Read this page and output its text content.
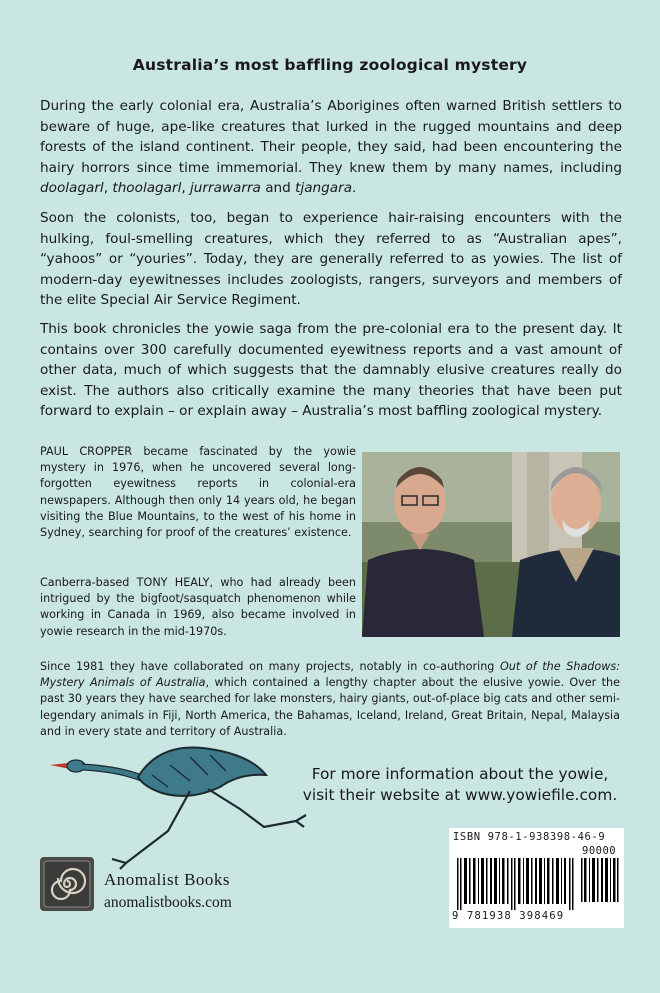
Australia’s most baffling zoological mystery

During the early colonial era, Australia’s Aborigines often warned British settlers to beware of huge, ape-like creatures that lurked in the rugged mountains and deep forests of the island continent. Their people, they said, had been encountering the hairy horrors since time immemorial. They knew them by many names, including doolagarl, thoolagarl, jurrawarra and tjangara.

Soon the colonists, too, began to experience hair-raising encounters with the hulking, foul-smelling creatures, which they referred to as “Australian apes”, “yahoos” or “youries”. Today, they are generally referred to as yowies. The list of modern-day eyewitnesses includes zoologists, rangers, surveyors and members of the elite Special Air Service Regiment.

This book chronicles the yowie saga from the pre-colonial era to the present day. It contains over 300 carefully documented eyewitness reports and a vast amount of other data, much of which suggests that the damnably elusive creatures really do exist. The authors also critically examine the many theories that have been put forward to explain – or explain away – Australia’s most baffling zoological mystery.

PAUL CROPPER became fascinated by the yowie mystery in 1976, when he uncovered several long-forgotten eyewitness reports in colonial-era newspapers. Although then only 14 years old, he began visiting the Blue Mountains, to the west of his home in Sydney, searching for proof of the creatures’ existence.

Canberra-based TONY HEALY, who had already been intrigued by the bigfoot/sasquatch phenomenon while working in Canada in 1969, also became involved in yowie research in the mid-1970s.

Since 1981 they have collaborated on many projects, notably in co-authoring Out of the Shadows: Mystery Animals of Australia, which contained a lengthy chapter about the elusive yowie. Over the past 30 years they have searched for lake monsters, hairy giants, out-of-place big cats and other semi-legendary animals in Fiji, North America, the Bahamas, Iceland, Ireland, Great Britain, Nepal, Malaysia and in every state and territory of Australia.

For more information about the yowie,
visit their website at www.yowiefile.com.
Anomalist Books
anomalistbooks.com
ISBN 978-1-938398-46-9
90000
9 781938 398469
